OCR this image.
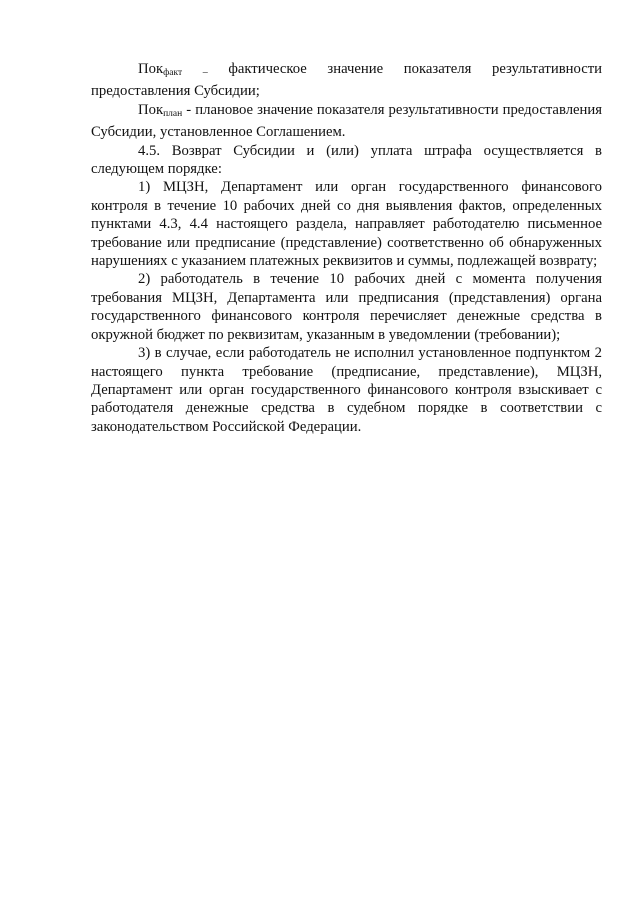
Пок$_{факт}$ – фактическое значение показателя результативности предоставления Субсидии;

Пок$_{план}$ - плановое значение показателя результативности предоставления Субсидии, установленное Соглашением.

4.5. Возврат Субсидии и (или) уплата штрафа осуществляется в следующем порядке:

1) МЦЗН, Департамент или орган государственного финансового контроля в течение 10 рабочих дней со дня выявления фактов, определенных пунктами 4.3, 4.4 настоящего раздела, направляет работодателю письменное требование или предписание (представление) соответственно об обнаруженных нарушениях с указанием платежных реквизитов и суммы, подлежащей возврату;

2) работодатель в течение 10 рабочих дней с момента получения требования МЦЗН, Департамента или предписания (представления) органа государственного финансового контроля перечисляет денежные средства в окружной бюджет по реквизитам, указанным в уведомлении (требовании);

3) в случае, если работодатель не исполнил установленное подпунктом 2 настоящего пункта требование (предписание, представление), МЦЗН, Департамент или орган государственного финансового контроля взыскивает с работодателя денежные средства в судебном порядке в соответствии с законодательством Российской Федерации.
